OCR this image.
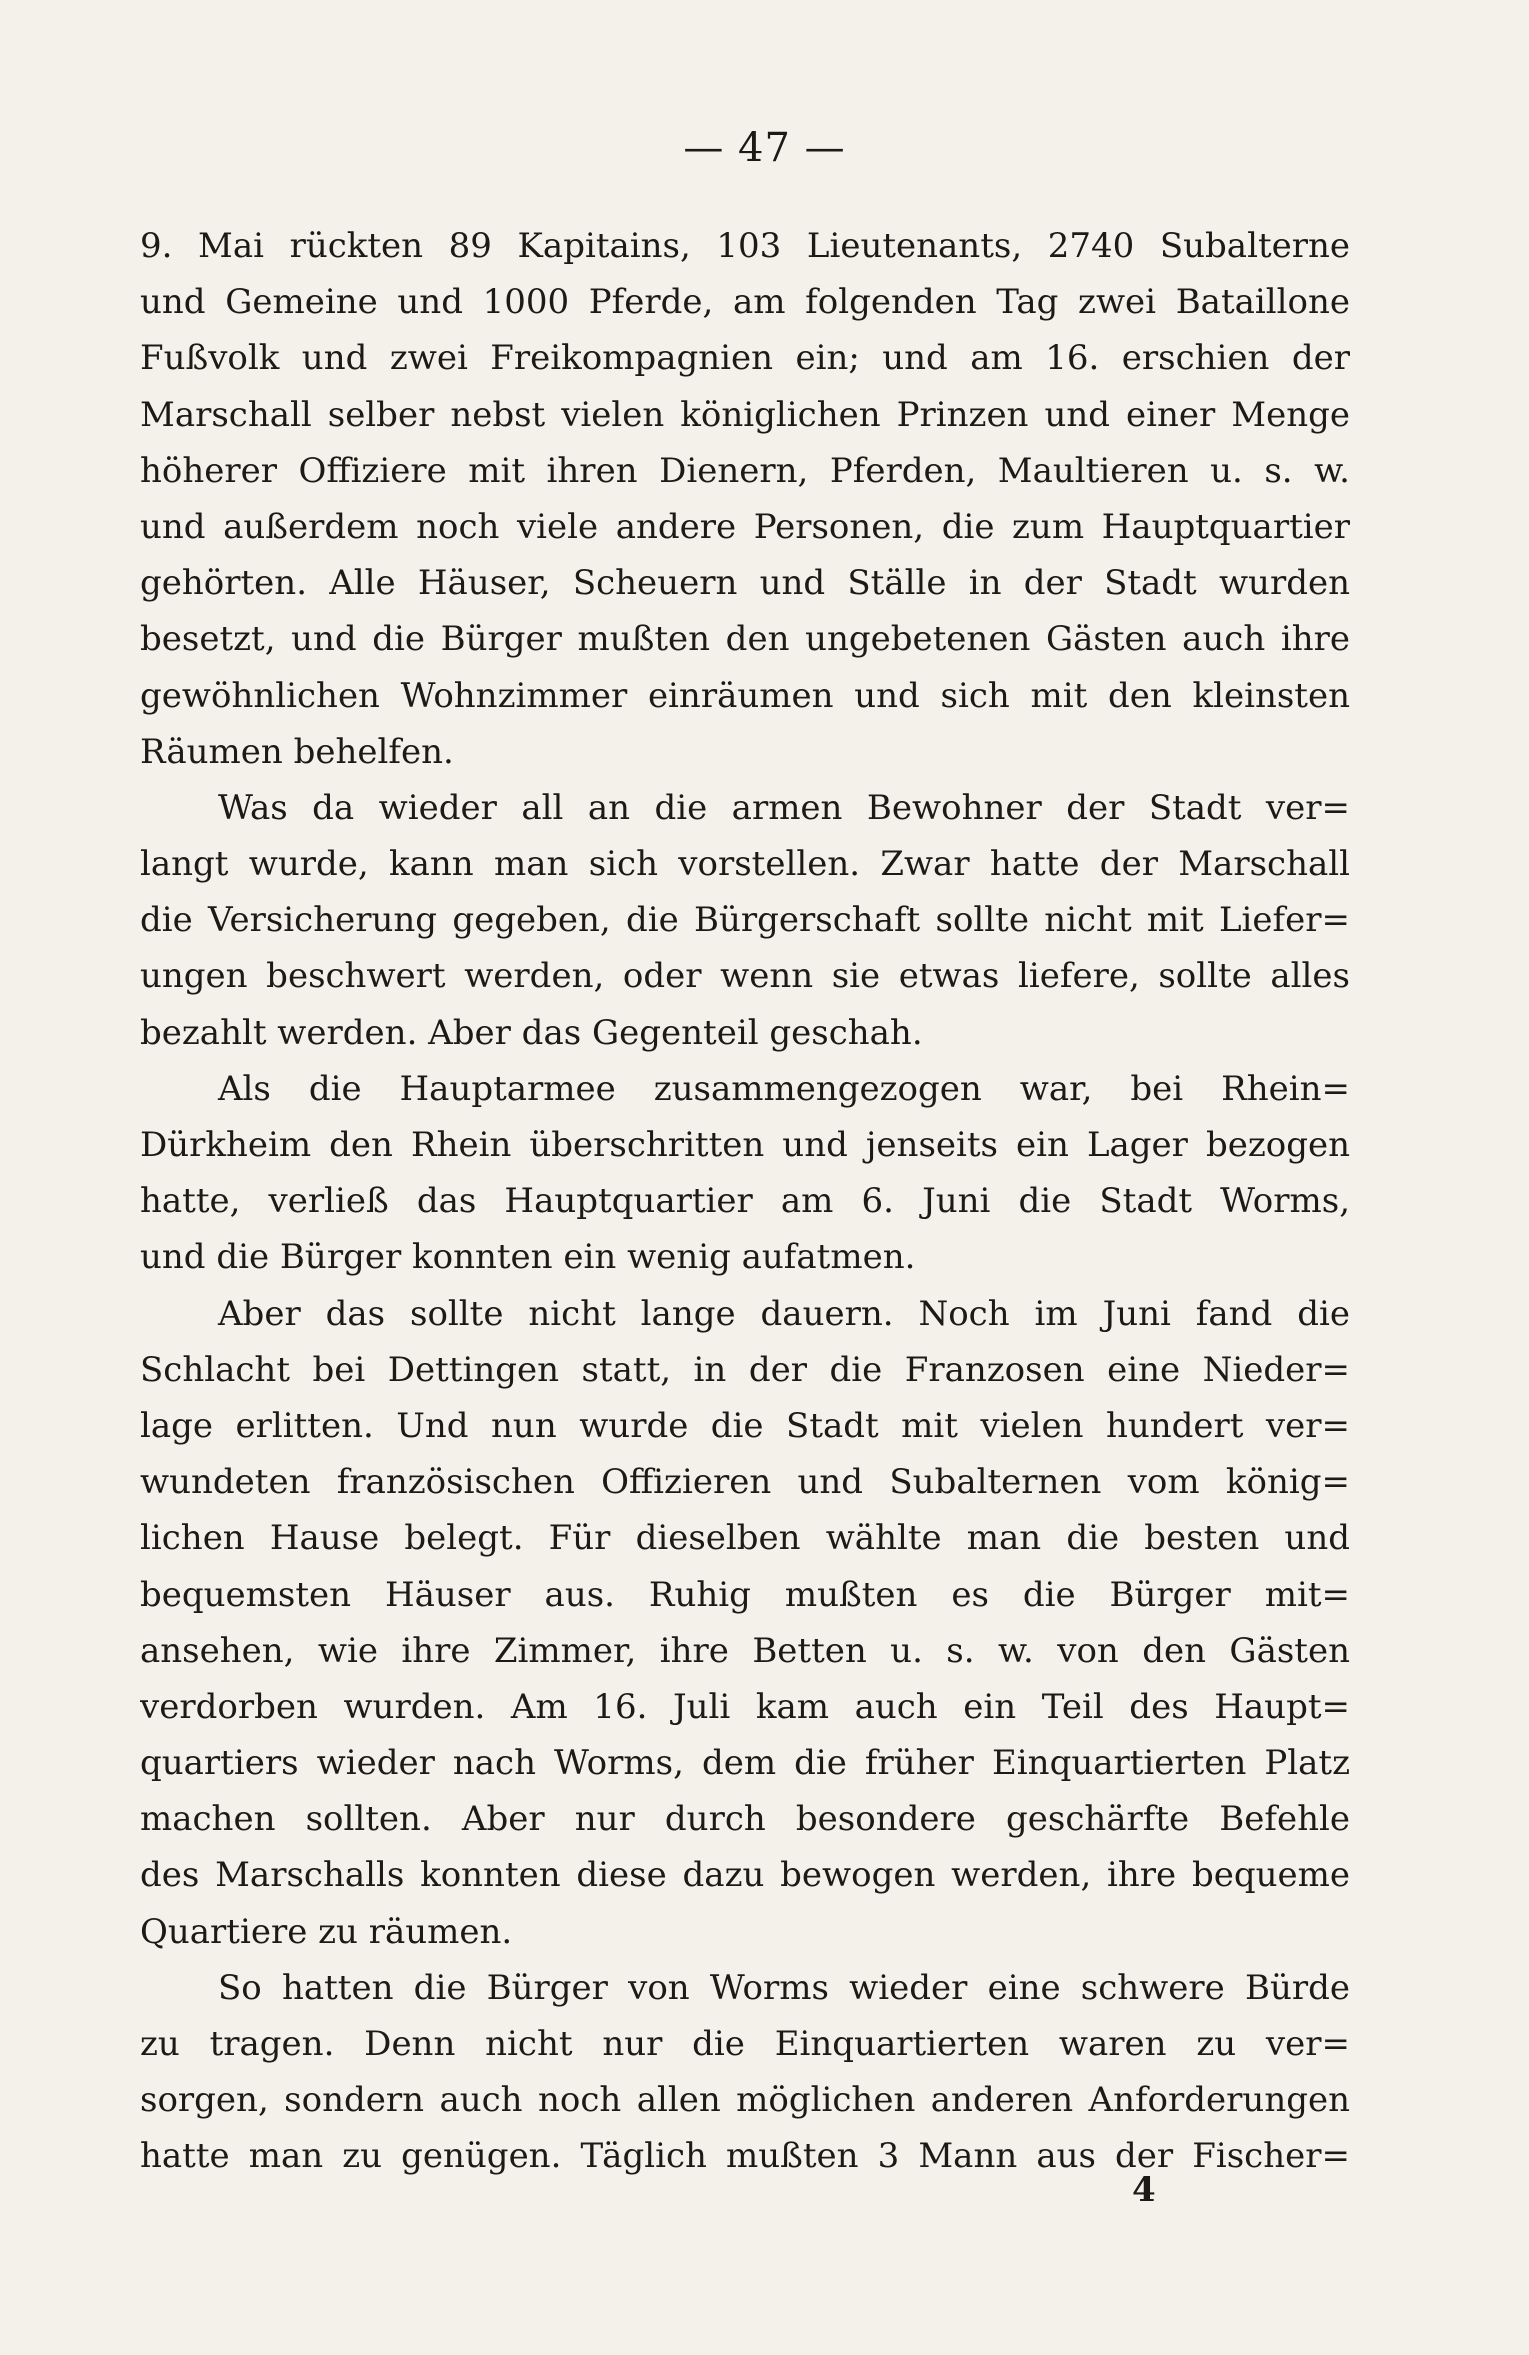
— 47 —
9. Mai rückten 89 Kapitains, 103 Lieutenants, 2740 Subalterne
und Gemeine und 1000 Pferde, am folgenden Tag zwei Bataillone
Fußvolk und zwei Freikompagnien ein; und am 16. erschien der
Marschall selber nebst vielen königlichen Prinzen und einer Menge
höherer Offiziere mit ihren Dienern, Pferden, Maultieren u. s. w.
und außerdem noch viele andere Personen, die zum Hauptquartier
gehörten. Alle Häuser, Scheuern und Ställe in der Stadt wurden
besetzt, und die Bürger mußten den ungebetenen Gästen auch ihre
gewöhnlichen Wohnzimmer einräumen und sich mit den kleinsten
Räumen behelfen.
Was da wieder all an die armen Bewohner der Stadt ver=
langt wurde, kann man sich vorstellen. Zwar hatte der Marschall
die Versicherung gegeben, die Bürgerschaft sollte nicht mit Liefer=
ungen beschwert werden, oder wenn sie etwas liefere, sollte alles
bezahlt werden. Aber das Gegenteil geschah.
Als die Hauptarmee zusammengezogen war, bei Rhein=
Dürkheim den Rhein überschritten und jenseits ein Lager bezogen
hatte, verließ das Hauptquartier am 6. Juni die Stadt Worms,
und die Bürger konnten ein wenig aufatmen.
Aber das sollte nicht lange dauern. Noch im Juni fand die
Schlacht bei Dettingen statt, in der die Franzosen eine Nieder=
lage erlitten. Und nun wurde die Stadt mit vielen hundert ver=
wundeten französischen Offizieren und Subalternen vom könig=
lichen Hause belegt. Für dieselben wählte man die besten und
bequemsten Häuser aus. Ruhig mußten es die Bürger mit=
ansehen, wie ihre Zimmer, ihre Betten u. s. w. von den Gästen
verdorben wurden. Am 16. Juli kam auch ein Teil des Haupt=
quartiers wieder nach Worms, dem die früher Einquartierten Platz
machen sollten. Aber nur durch besondere geschärfte Befehle
des Marschalls konnten diese dazu bewogen werden, ihre bequeme
Quartiere zu räumen.
So hatten die Bürger von Worms wieder eine schwere Bürde
zu tragen. Denn nicht nur die Einquartierten waren zu ver=
sorgen, sondern auch noch allen möglichen anderen Anforderungen
hatte man zu genügen. Täglich mußten 3 Mann aus der Fischer=
4
